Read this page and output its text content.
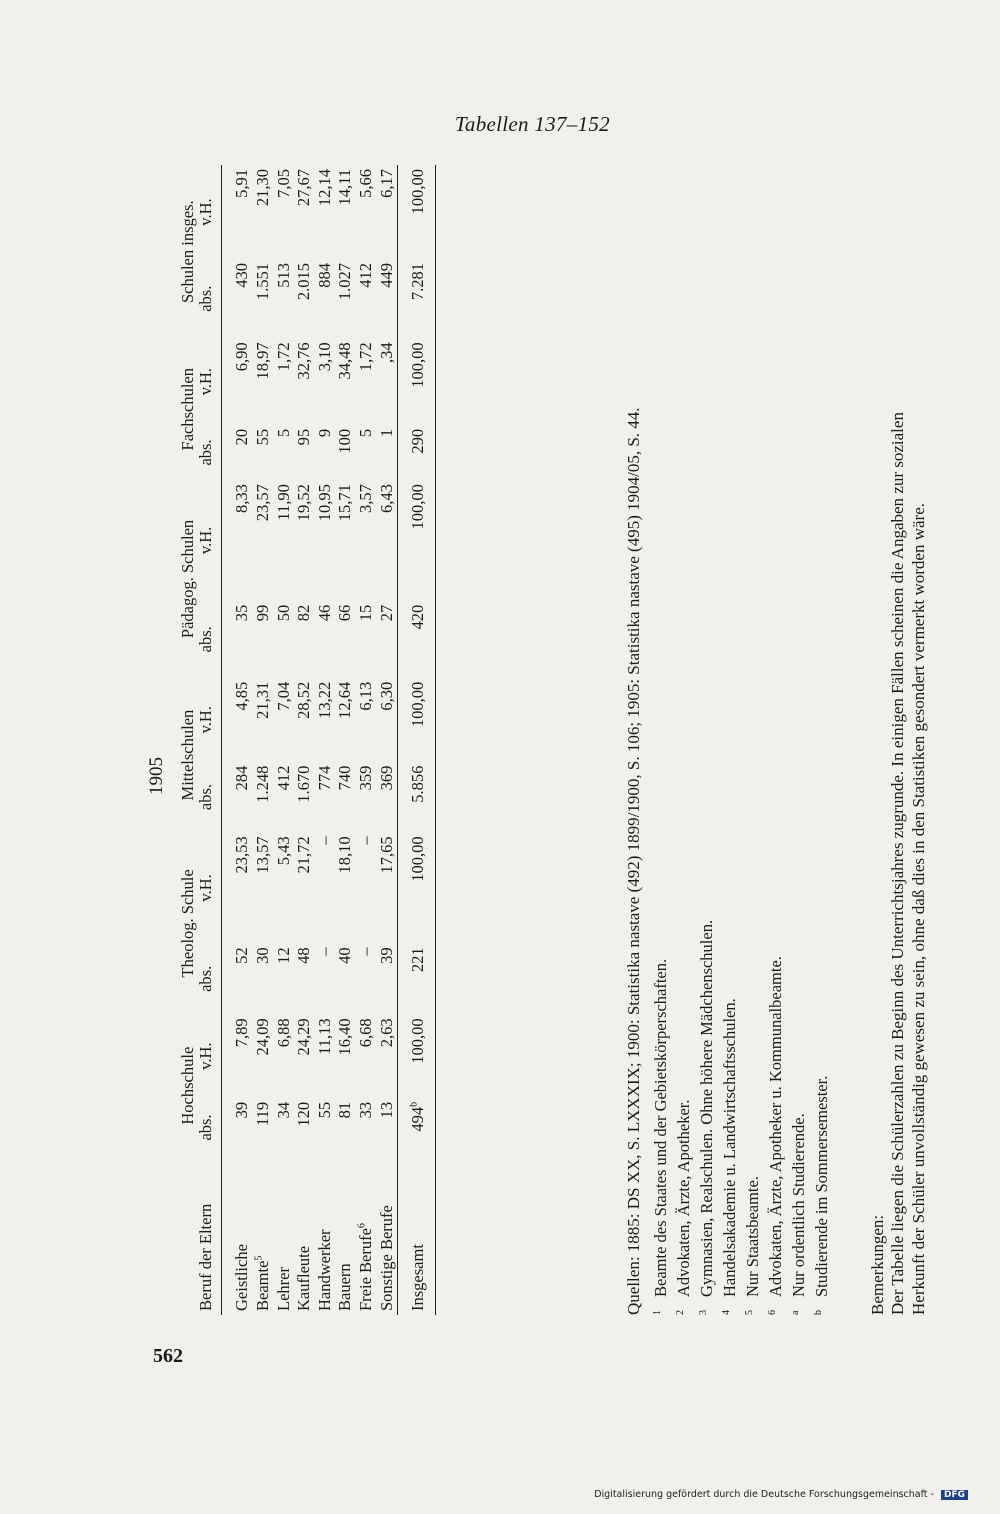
Tabellen 137–152
562
1905
Beruf der Eltern	Hochschule		Theolog. Schule		Mittelschulen		Pädagog. Schulen		Fachschulen		Schulen insges.	
	abs.	v.H.	abs.	v.H.	abs.	v.H.	abs.	v.H.	abs.	v.H.	abs.	v.H.
Geistliche	39	7,89	52	23,53	284	4,85	35	8,33	20	6,90	430	5,91
Beamte$^5$	119	24,09	30	13,57	1.248	21,31	99	23,57	55	18,97	1.551	21,30
Lehrer	34	6,88	12	5,43	412	7,04	50	11,90	5	1,72	513	7,05
Kaufleute	120	24,29	48	21,72	1.670	28,52	82	19,52	95	32,76	2.015	27,67
Handwerker	55	11,13	–	–	774	13,22	46	10,95	9	3,10	884	12,14
Bauern	81	16,40	40	18,10	740	12,64	66	15,71	100	34,48	1.027	14,11
Freie Berufe$^6$	33	6,68	–	–	359	6,13	15	3,57	5	1,72	412	5,66
Sonstige Berufe	13	2,63	39	17,65	369	6,30	27	6,43	1	,34	449	6,17
Insgesamt	494$^b$	100,00	221	100,00	5.856	100,00	420	100,00	290	100,00	7.281	100,00
Quellen: 1885: DS XX, S. LXXXIX; 1900: Statistika nastave (492) 1899/1900, S. 106; 1905: Statistika nastave (495) 1904/05, S. 44. 1Beamte des Staates und der Gebietskörperschaften.
2Advokaten, Ärzte, Apotheker.
3Gymnasien, Realschulen. Ohne höhere Mädchenschulen.
4Handelsakademie u. Landwirtschaftsschulen.
5Nur Staatsbeamte.
6Advokaten, Ärzte, Apotheker u. Kommunalbeamte.
aNur ordentlich Studierende.
bStudierende im Sommersemester. Bemerkungen: Der Tabelle liegen die Schülerzahlen zu Beginn des Unterrichtsjahres zugrunde. In einigen Fällen scheinen die Angaben zur sozialen Herkunft der Schüler unvollständig gewesen zu sein, ohne daß dies in den Statistiken gesondert vermerkt worden wäre.
Digitalisierung gefördert durch die Deutsche Forschungsgemeinschaft - DFG
